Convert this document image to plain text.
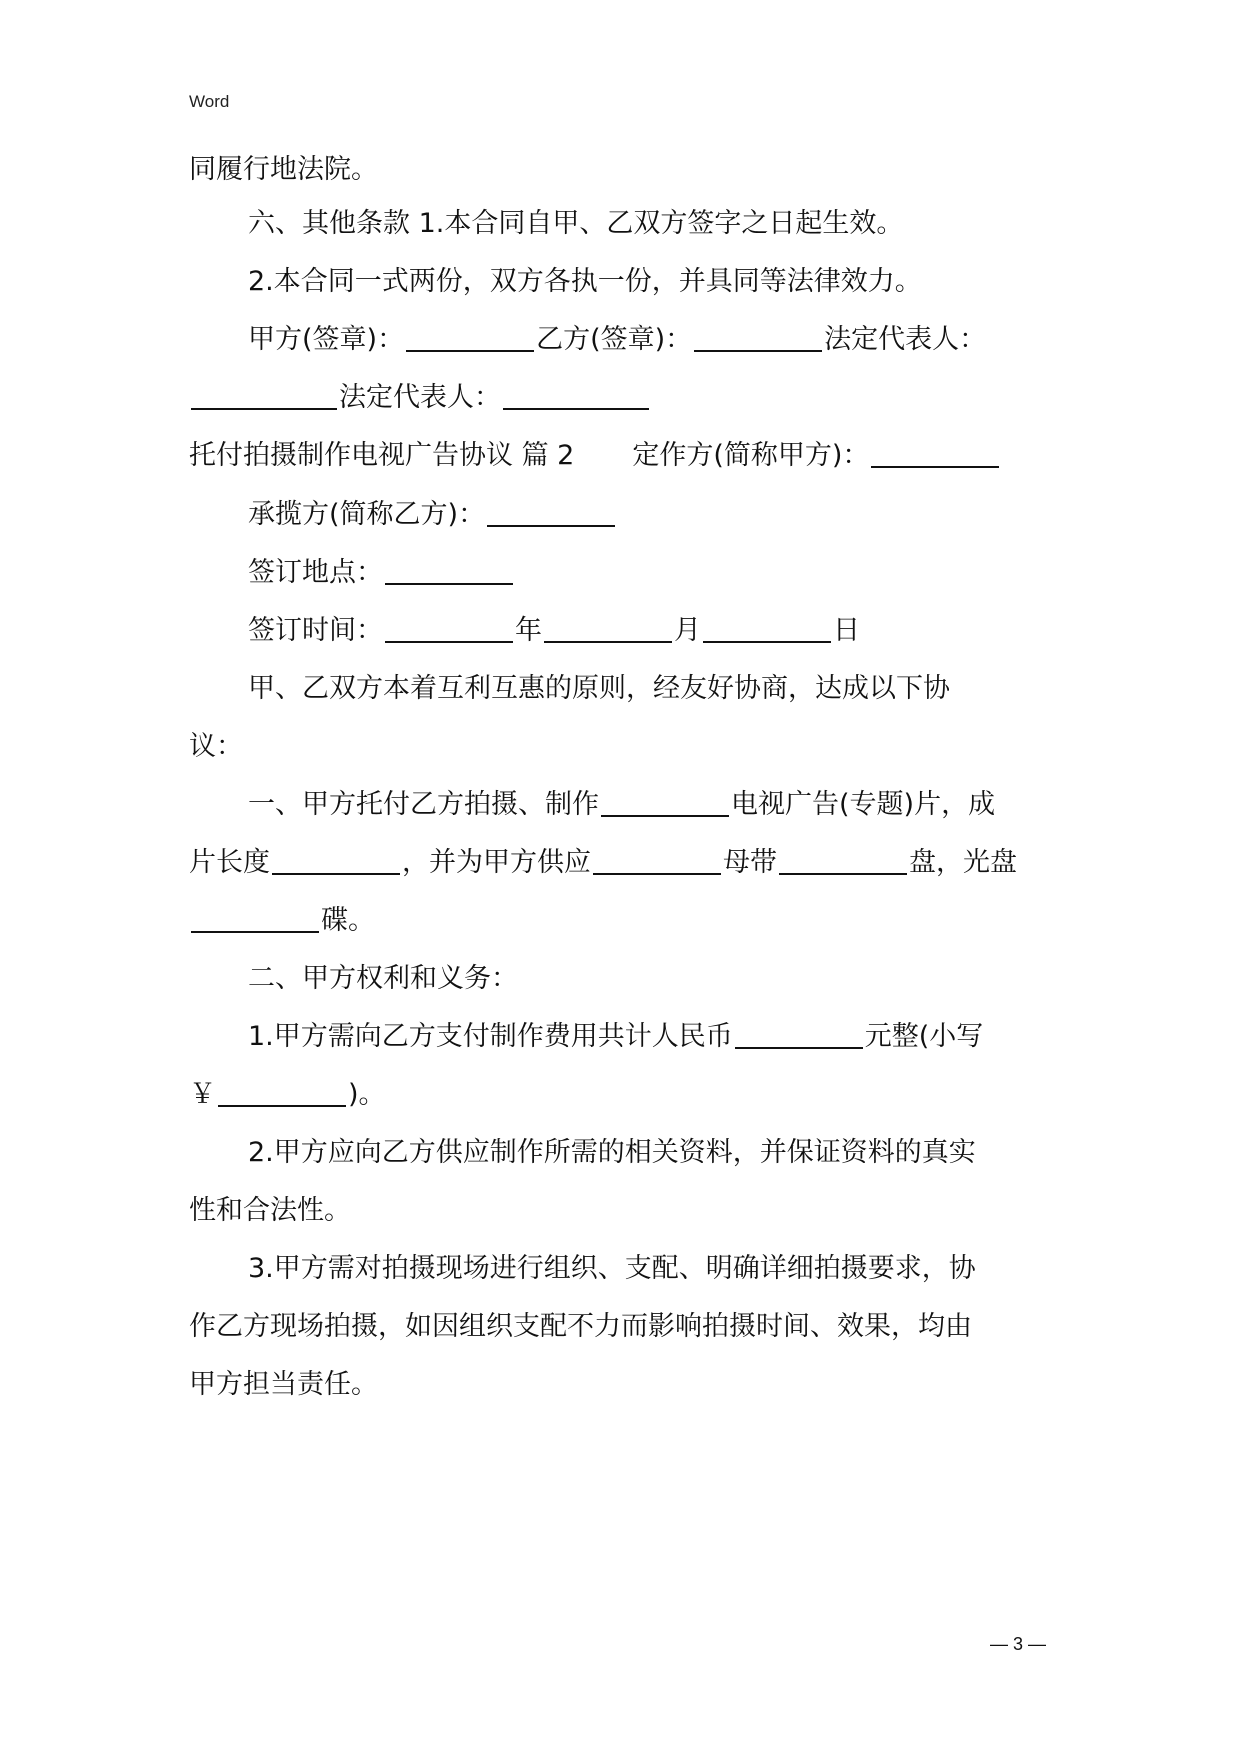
Word
同履行地法院。
六、其他条款 1.本合同自甲、乙双方签字之日起生效。
2.本合同一式两份，双方各执一份，并具同等法律效力。
甲方(签章)：	乙方(签章)：	法定代表人：
法定代表人：
托付拍摄制作电视广告协议 篇 2 定作方(简称甲方)：
承揽方(简称乙方)：
签订地点：
签订时间：	年	月	日
甲、乙双方本着互利互惠的原则，经友好协商，达成以下协
议：
一、甲方托付乙方拍摄、制作	电视广告(专题)片，成
片长度	，并为甲方供应	母带	盘，光盘
碟。
二、甲方权利和义务：
1.甲方需向乙方支付制作费用共计人民币	元整(小写
￥	)。
2.甲方应向乙方供应制作所需的相关资料，并保证资料的真实
性和合法性。
3.甲方需对拍摄现场进行组织、支配、明确详细拍摄要求，协
作乙方现场拍摄，如因组织支配不力而影响拍摄时间、效果，均由
甲方担当责任。
— 3 —
